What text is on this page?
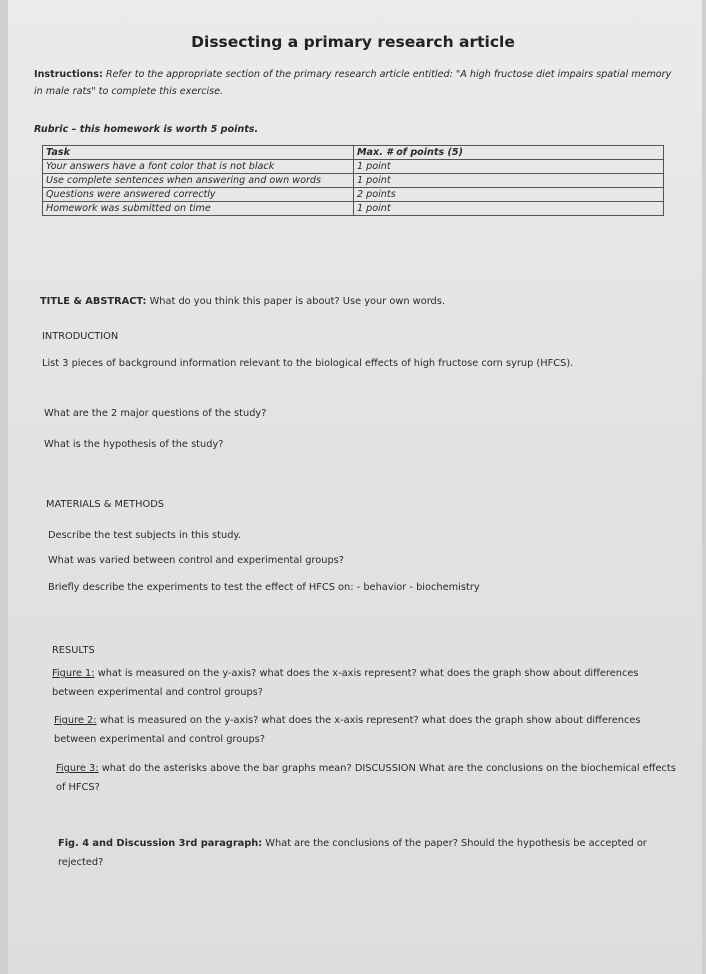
Dissecting a primary research article
Instructions: Refer to the appropriate section of the primary research article entitled: "A high fructose diet impairs spatial memory in male rats" to complete this exercise.
Rubric – this homework is worth 5 points.
Task	Max. # of points (5)
Your answers have a font color that is not black	1 point
Use complete sentences when answering and own words	1 point
Questions were answered correctly	2 points
Homework was submitted on time	1 point
TITLE & ABSTRACT: What do you think this paper is about? Use your own words.
INTRODUCTION
List 3 pieces of background information relevant to the biological effects of high fructose corn syrup (HFCS).
What are the 2 major questions of the study?
What is the hypothesis of the study?
MATERIALS & METHODS
Describe the test subjects in this study.
What was varied between control and experimental groups?
Briefly describe the experiments to test the effect of HFCS on: - behavior - biochemistry
RESULTS
Figure 1: what is measured on the y-axis? what does the x-axis represent? what does the graph show about differences between experimental and control groups?
Figure 2: what is measured on the y-axis? what does the x-axis represent? what does the graph show about differences between experimental and control groups?
Figure 3: what do the asterisks above the bar graphs mean? DISCUSSION What are the conclusions on the biochemical effects of HFCS?
Fig. 4 and Discussion 3rd paragraph: What are the conclusions of the paper? Should the hypothesis be accepted or rejected?
